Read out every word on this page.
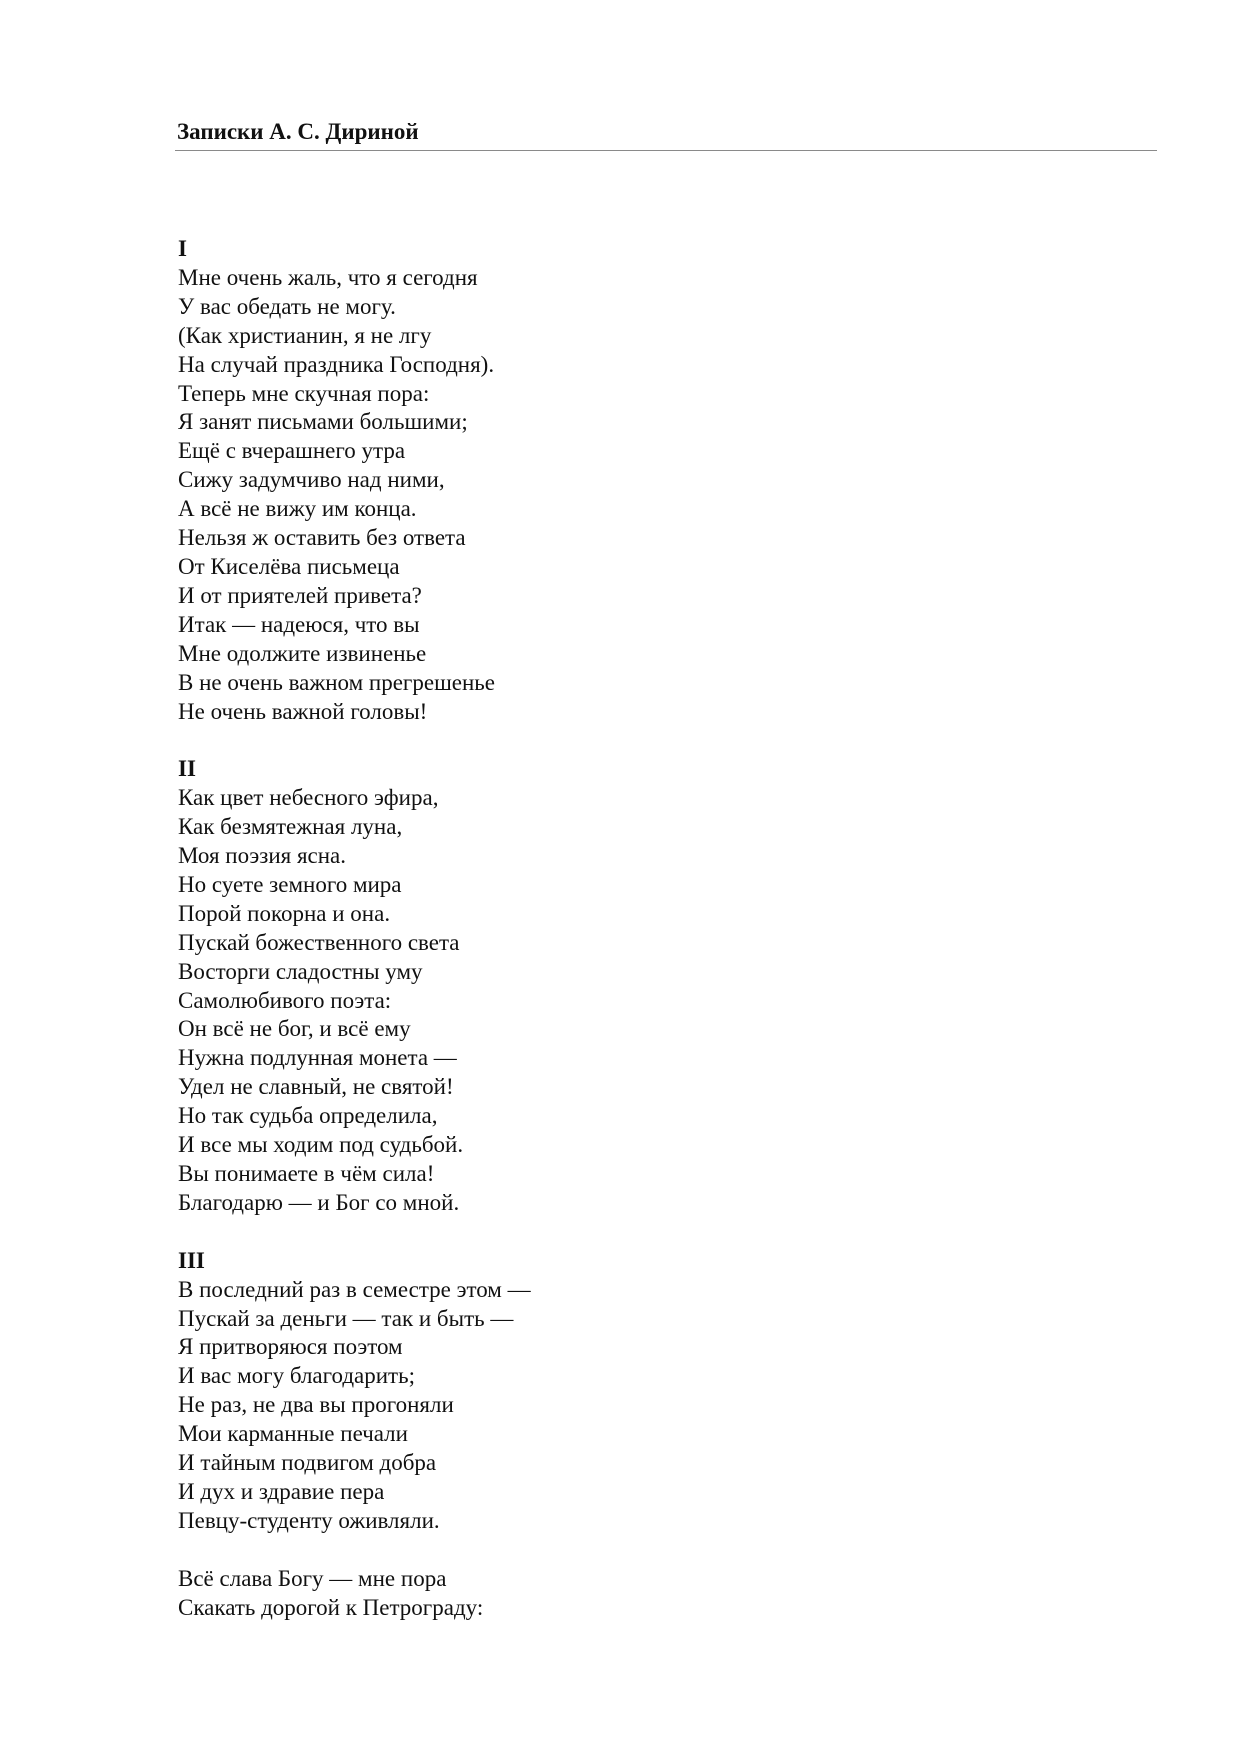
Записки А. С. Дириной
I
Мне очень жаль, что я сегодня
У вас обедать не могу.
(Как христианин, я не лгу
На случай праздника Господня).
Теперь мне скучная пора:
Я занят письмами большими;
Ещё с вчерашнего утра
Сижу задумчиво над ними,
А всё не вижу им конца.
Нельзя ж оставить без ответа
От Киселёва письмеца
И от приятелей привета?
Итак — надеюся, что вы
Мне одолжите извиненье
В не очень важном прегрешенье
Не очень важной головы!
II
Как цвет небесного эфира,
Как безмятежная луна,
Моя поэзия ясна.
Но суете земного мира
Порой покорна и она.
Пускай божественного света
Восторги сладостны уму
Самолюбивого поэта:
Он всё не бог, и всё ему
Нужна подлунная монета —
Удел не славный, не святой!
Но так судьба определила,
И все мы ходим под судьбой.
Вы понимаете в чём сила!
Благодарю — и Бог со мной.
III
В последний раз в семестре этом —
Пускай за деньги — так и быть —
Я притворяюся поэтом
И вас могу благодарить;
Не раз, не два вы прогоняли
Мои карманные печали
И тайным подвигом добра
И дух и здравие пера
Певцу-студенту оживляли.
Всё слава Богу — мне пора
Скакать дорогой к Петрограду:
